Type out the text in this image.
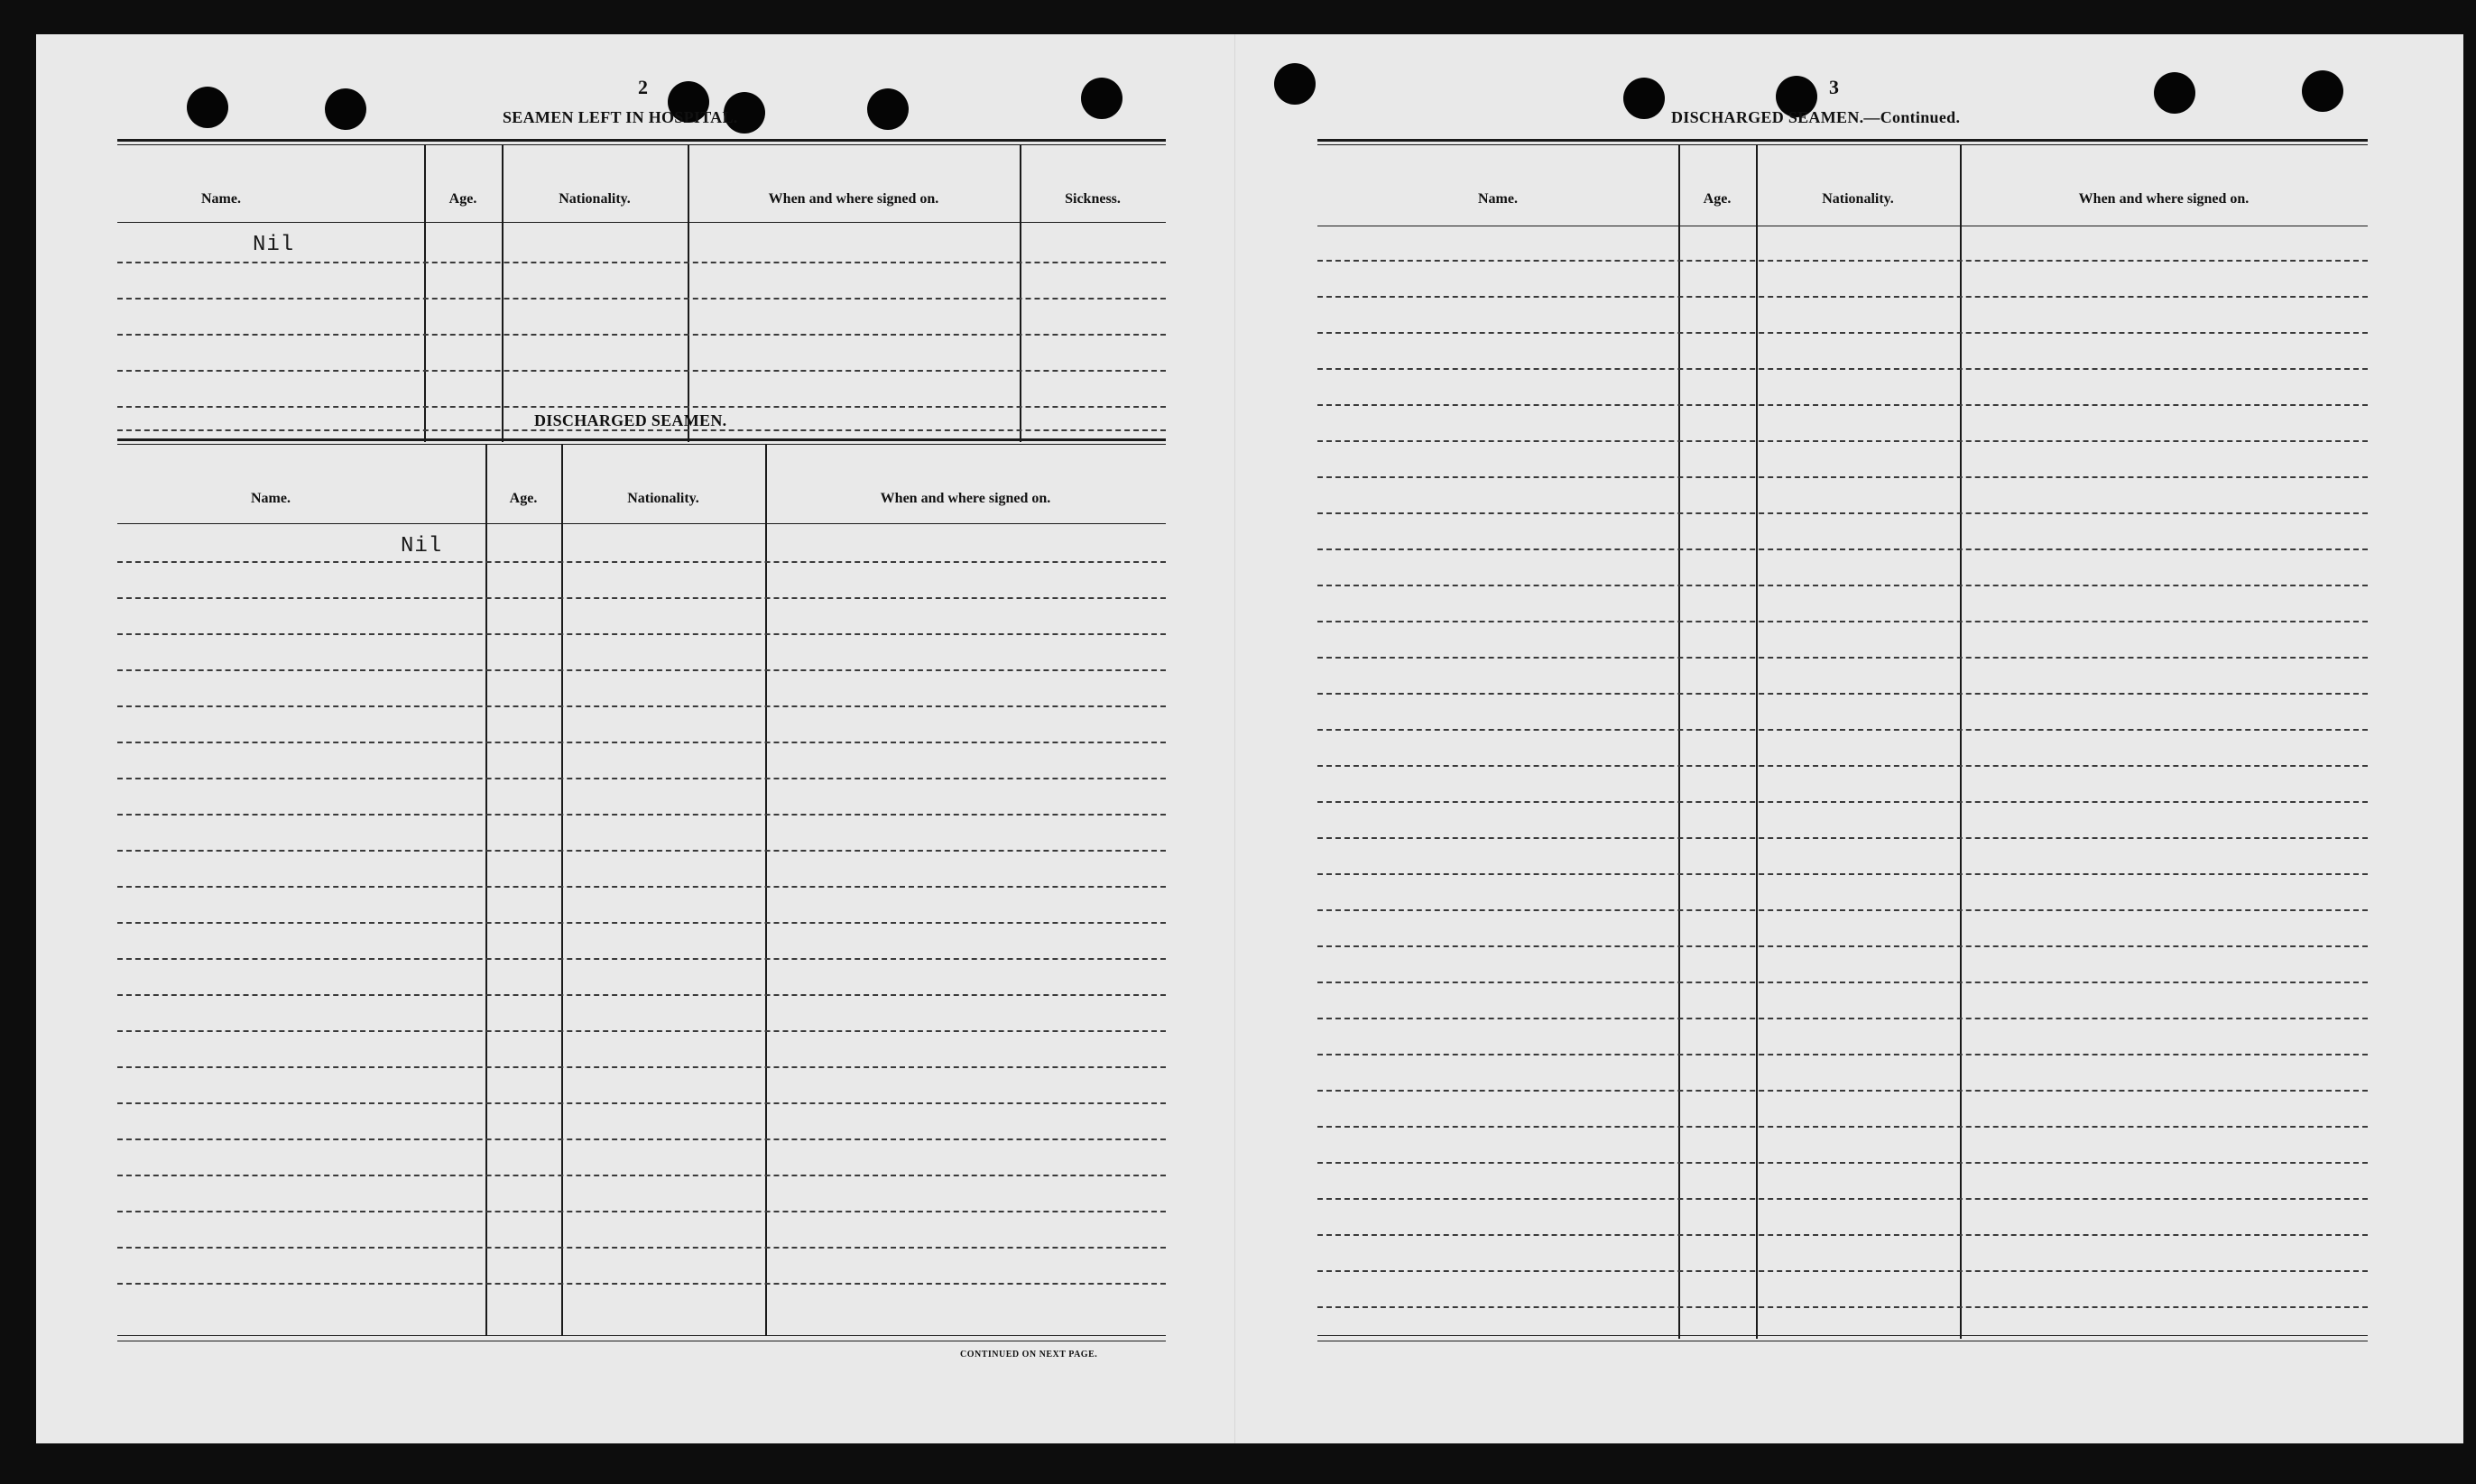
2
SEAMEN LEFT IN HOSPITAL.
Name.	Age.	Nationality.	When and where signed on.	Sickness.
Nil
DISCHARGED SEAMEN.
Name.	Age.	Nationality.	When and where signed on.
Nil
CONTINUED ON NEXT PAGE.
3
DISCHARGED SEAMEN.—Continued.
Name.	Age.	Nationality.	When and where signed on.
